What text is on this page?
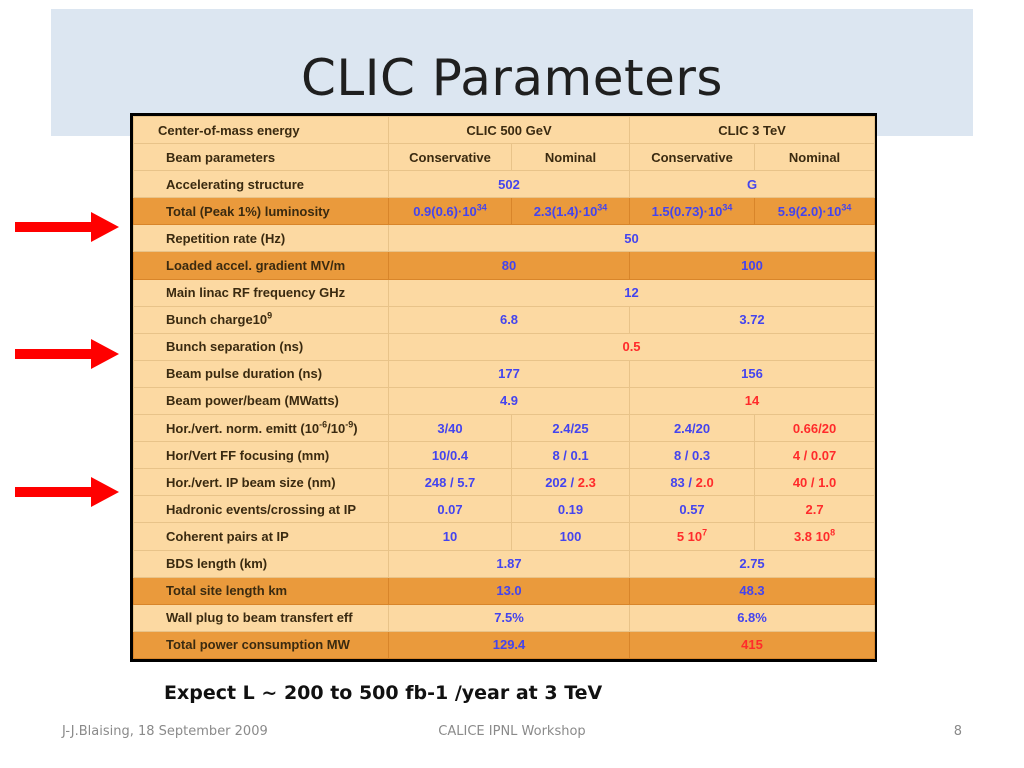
CLIC Parameters
Center-of-mass energy	CLIC 500 GeV		CLIC 3 TeV	
Beam parameters	Conservative	Nominal	Conservative	Nominal
Accelerating structure	502		G	
Total (Peak 1%) luminosity	$0.9(0.6)\cdot 10^{34}$	$2.3(1.4)\cdot 10^{34}$	$1.5(0.73)\cdot 10^{34}$	$5.9(2.0)\cdot 10^{34}$
Repetition rate (Hz)	50			
Loaded accel. gradient MV/m	80		100	
Main linac RF frequency GHz	12			
Bunch $charge10^9$	6.8		3.72	
Bunch separation (ns)	0.5			
Beam pulse duration (ns)	177		156	
Beam power/beam (MWatts)	4.9		14	
Hor./vert. norm. emitt $(10^{-6}/10^{-9})$	3/40	2.4/25	2.4/20	0.66/20
Hor/Vert FF focusing (mm)	10/0.4	8 / 0.1	8 / 0.3	4 / 0.07
Hor./vert. IP beam size (nm)	248 / 5.7	202 / 2.3	83 / 2.0	40 / 1.0
Hadronic events/crossing at IP	0.07	0.19	0.57	2.7
Coherent pairs at IP	10	100	5 $10^7$	3.8 $10^8$
BDS length (km)	1.87		2.75	
Total site length km	13.0		48.3	
Wall plug to beam transfert eff	7.5%		6.8%	
Total power consumption MW	129.4		415	
Expect L ~ 200 to 500 fb-1 /year at 3 TeV
J-J.Blaising, 18 September 2009	CALICE IPNL Workshop	8
